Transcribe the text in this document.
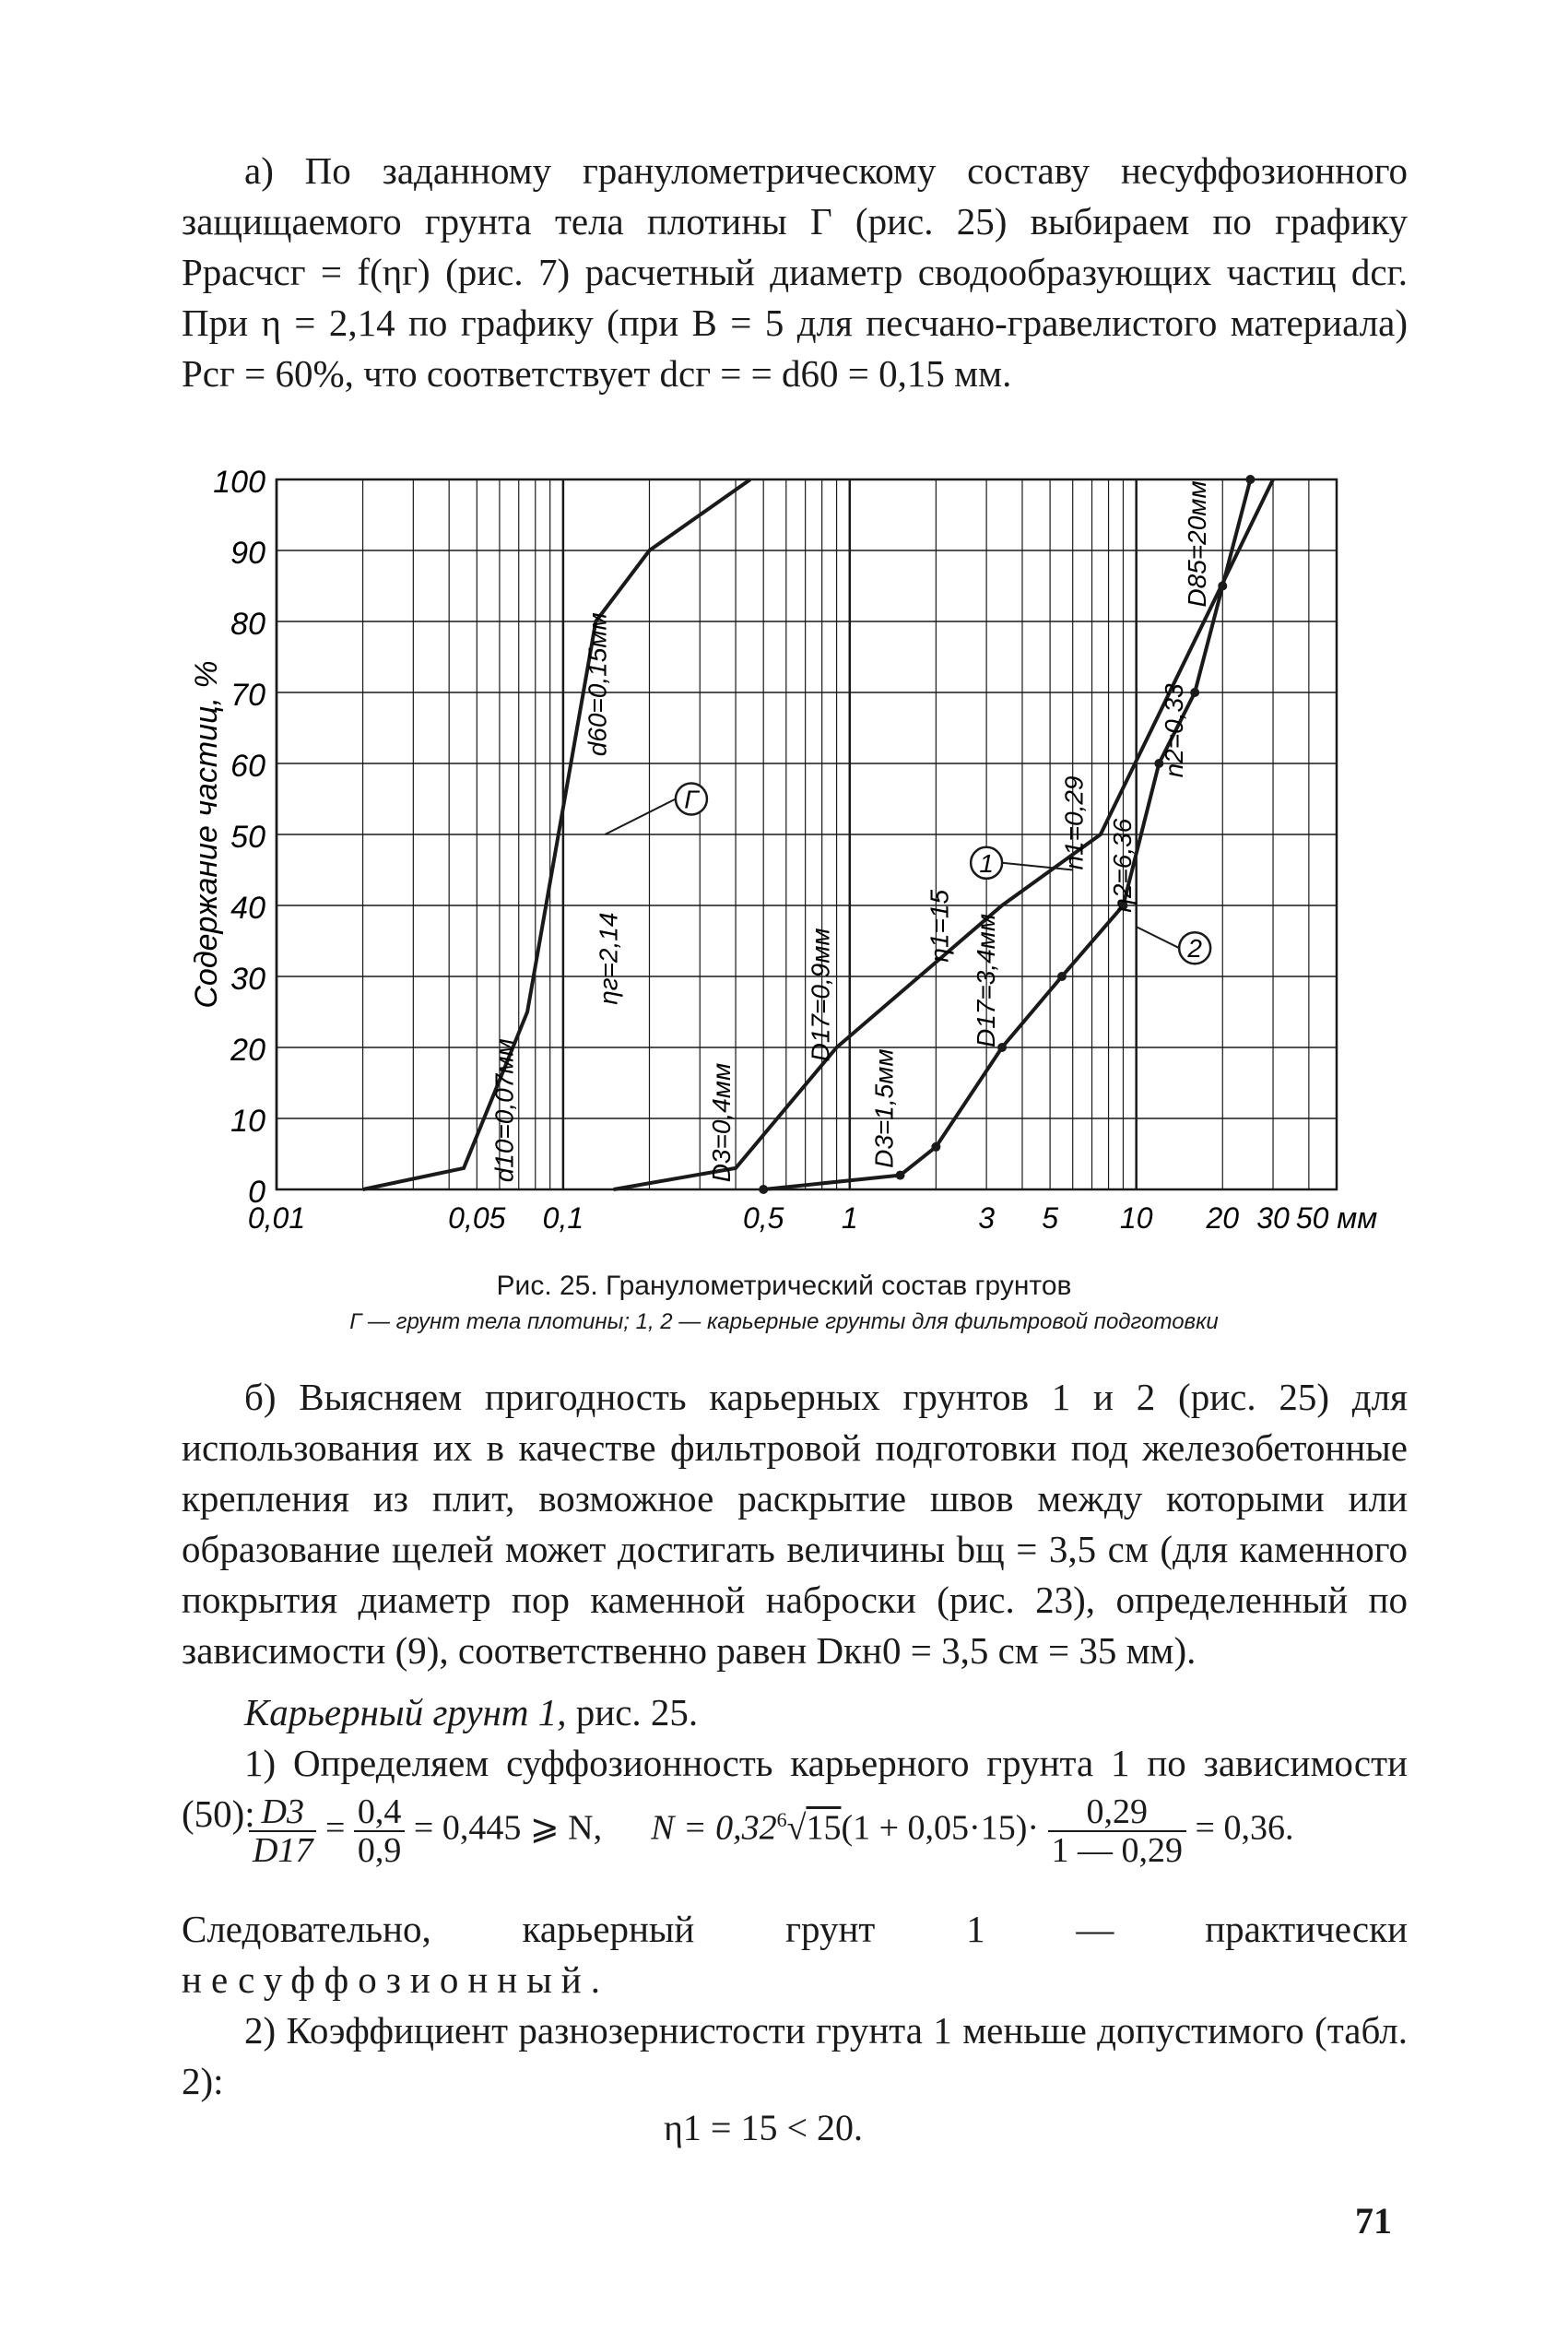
а) По заданному гранулометрическому составу несуффозионного защищаемого грунта тела плотины Г (рис. 25) выбираем по графику Pрасчcг = f(ηг) (рис. 7) расчетный диаметр сводообразующих частиц dсг. При η = 2,14 по графику (при B = 5 для песчано-гравелистого материала) Pсг = 60%, что соответствует dсг = = d60 = 0,15 мм.

0
10
20
30
40
50
60
70
80
90
100
0,01	0,05 0,1	0,5 1	3 5 10 20 30 50 мм
Содержание частиц, %
d10=0,07мм
d60=0,15мм
ηг=2,14
D3=0,4мм
D17=0,9мм
η1=15
n1=0,29
D3=1,5мм
D17=3,4мм
η2=6,36
n2=0,33
D85=20мм
Г
1
2
Рис. 25. Гранулометрический состав грунтов
Г — грунт тела плотины; 1, 2 — карьерные грунты для фильтровой подготовки

б) Выясняем пригодность карьерных грунтов 1 и 2 (рис. 25) для использования их в качестве фильтровой подготовки под железобетонные крепления из плит, возможное раскрытие швов между которыми или образование щелей может достигать величины bщ = 3,5 см (для каменного покрытия диаметр пор каменной наброски (рис. 23), определенный по зависимости (9), соответственно равен Dкн0 = 3,5 см = 35 мм).

Карьерный грунт 1, рис. 25.

1) Определяем суффозионность карьерного грунта 1 по зависимости (50):

$\frac{D3}{D17} = \frac{0,4}{0,9} = 0,445$ ⩾ N, $N = 0,32^6√15(1 + 0,05\cdot 15)\cdot \frac{0,29}{1 — 0,29} = 0,36$.

Следовательно, карьерный грунт 1 — практически несуффозионный.

2) Коэффициент разнозернистости грунта 1 меньше допустимого (табл. 2):

η1 = 15 < 20.
71
